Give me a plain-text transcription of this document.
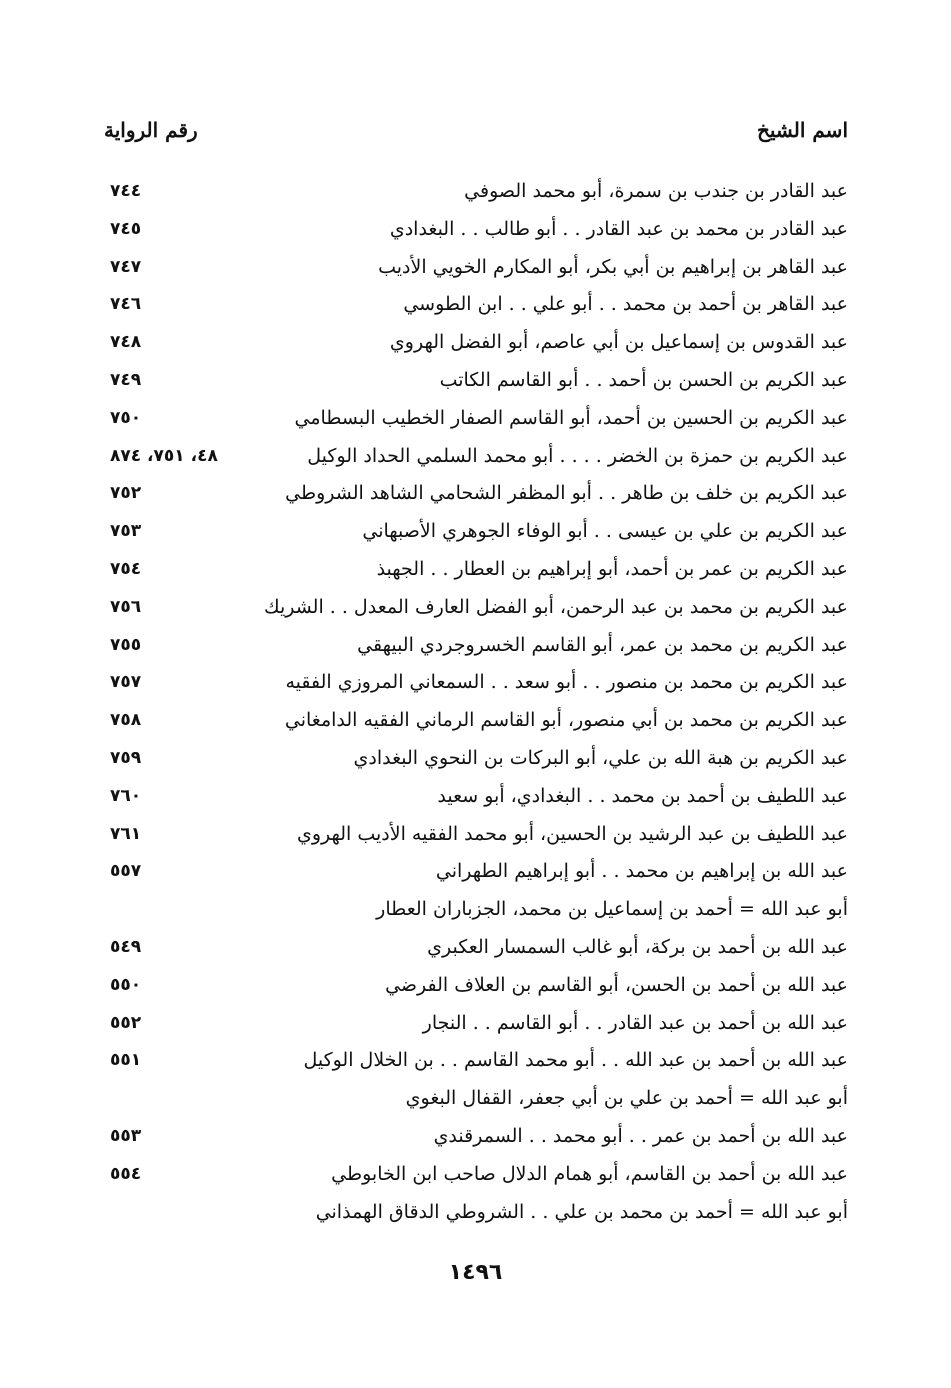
اسم الشيخ
رقم الرواية
عبد القادر بن جندب بن سمرة، أبو محمد الصوفي
٧٤٤
عبد القادر بن محمد بن عبد القادر . . أبو طالب . . البغدادي
٧٤٥
عبد القاهر بن إبراهيم بن أبي بكر، أبو المكارم الخويي الأديب
٧٤٧
عبد القاهر بن أحمد بن محمد . . أبو علي . . ابن الطوسي
٧٤٦
عبد القدوس بن إسماعيل بن أبي عاصم، أبو الفضل الهروي
٧٤٨
عبد الكريم بن الحسن بن أحمد . . أبو القاسم الكاتب
٧٤٩
عبد الكريم بن الحسين بن أحمد، أبو القاسم الصفار الخطيب البسطامي
٧٥٠
عبد الكريم بن حمزة بن الخضر . . . . أبو محمد السلمي الحداد الوكيل
٤٨، ٧٥١، ٨٧٤
عبد الكريم بن خلف بن طاهر . . أبو المظفر الشحامي الشاهد الشروطي
٧٥٢
عبد الكريم بن علي بن عيسى . . أبو الوفاء الجوهري الأصبهاني
٧٥٣
عبد الكريم بن عمر بن أحمد، أبو إبراهيم بن العطار . . الجهبذ
٧٥٤
عبد الكريم بن محمد بن عبد الرحمن، أبو الفضل العارف المعدل . . الشريك
٧٥٦
عبد الكريم بن محمد بن عمر، أبو القاسم الخسروجردي البيهقي
٧٥٥
عبد الكريم بن محمد بن منصور . . أبو سعد . . السمعاني المروزي الفقيه
٧٥٧
عبد الكريم بن محمد بن أبي منصور، أبو القاسم الرماني الفقيه الدامغاني
٧٥٨
عبد الكريم بن هبة الله بن علي، أبو البركات بن النحوي البغدادي
٧٥٩
عبد اللطيف بن أحمد بن محمد . . البغدادي، أبو سعيد
٧٦٠
عبد اللطيف بن عبد الرشيد بن الحسين، أبو محمد الفقيه الأديب الهروي
٧٦١
عبد الله بن إبراهيم بن محمد . . أبو إبراهيم الطهراني
٥٥٧
أبو عبد الله = أحمد بن إسماعيل بن محمد، الجزباران العطار
عبد الله بن أحمد بن بركة، أبو غالب السمسار العكبري
٥٤٩
عبد الله بن أحمد بن الحسن، أبو القاسم بن العلاف الفرضي
٥٥٠
عبد الله بن أحمد بن عبد القادر . . أبو القاسم . . النجار
٥٥٢
عبد الله بن أحمد بن عبد الله . . أبو محمد القاسم . . بن الخلال الوكيل
٥٥١
أبو عبد الله = أحمد بن علي بن أبي جعفر، القفال البغوي
عبد الله بن أحمد بن عمر . . أبو محمد . . السمرقندي
٥٥٣
عبد الله بن أحمد بن القاسم، أبو همام الدلال صاحب ابن الخابوطي
٥٥٤
أبو عبد الله = أحمد بن محمد بن علي . . الشروطي الدقاق الهمذاني
١٤٩٦
